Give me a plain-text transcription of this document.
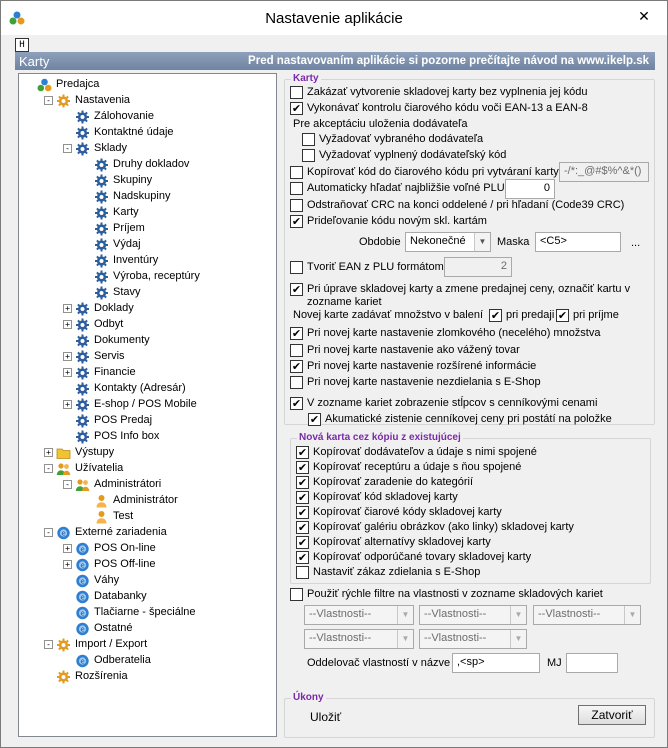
Nastavenie aplikácie	✕
H
Karty	Pred nastavovaním aplikácie si pozorne prečítajte návod na www.ikelp.sk
Predajca
- Nastavenia
Zálohovanie
Kontaktné údaje
- Sklady
Druhy dokladov
Skupiny
Nadskupiny
Karty
Príjem
Výdaj
Inventúry
Výroba, receptúry
Stavy
+ Doklady
+ Odbyt
Dokumenty
+ Servis
+ Financie
Kontakty (Adresár)
+ E-shop / POS Mobile
POS Predaj
POS Info box
+ Výstupy
- Užívatelia
- Administrátori
Administrátor
Test
- e Externé zariadenia
+ e POS On-line
+ e POS Off-line
e Váhy
e Databanky
e Tlačiarne - špeciálne
e Ostatné
- Import / Export
e Odberatelia
Rozšírenia
Karty
Zakázať vytvorenie skladovej karty bez vyplnenia jej kódu
✔ Vykonávať kontrolu čiarového kódu voči EAN-13 a EAN-8
Pre akceptáciu uloženia dodávateľa
Vyžadovať vybraného dodávateľa
Vyžadovať vyplnený dodávateľský kód
Kopírovať kód do čiarového kódu pri vytváraní karty -/*:_@#$%^&*()
Automaticky hľadať najbližšie voľné PLU	0
Odstraňovať CRC na konci oddelené / pri hľadaní (Code39 CRC)
✔ Prideľovanie kódu novým skl. kartám
Obdobie Nekonečné	▼ Maska <C5>	...
Tvoriť EAN z PLU formátom	2
✔ Pri úprave skladovej karty a zmene predajnej ceny, označiť kartu v zozname kariet
Novej karte zadávať množstvo v balení ✔ pri predaji ✔ pri príjme
✔ Pri novej karte nastavenie zlomkového (necelého) množstva
Pri novej karte nastavenie ako vážený tovar
✔ Pri novej karte nastavenie rozšírené informácie
Pri novej karte nastavenie nezdielania s E-Shop
✔ V zozname kariet zobrazenie stĺpcov s cenníkovými cenami
✔ Akumatické zistenie cenníkovej ceny pri postátí na položke
Nová karta cez kópiu z existujúcej
✔ Kopírovať dodávateľov a údaje s nimi spojené
✔ Kopírovať receptúru a údaje s ňou spojené
✔ Kopírovať zaradenie do kategórií
✔ Kopírovať kód skladovej karty
✔ Kopírovať čiarové kódy skladovej karty
✔ Kopírovať galériu obrázkov (ako linky) skladovej karty
✔ Kopírovať alternatívy skladovej karty
✔ Kopírovať odporúčané tovary skladovej karty
Nastaviť zákaz zdielania s E-Shop
Použiť rýchle filtre na vlastnosti v zozname skladových kariet
--Vlastnosti--	▼	--Vlastnosti--	▼	--Vlastnosti--	▼
--Vlastnosti--	▼	--Vlastnosti--	▼
Oddelovač vlastností v názve ,<sp>	MJ
Úkony
Uložiť	Zatvoriť
